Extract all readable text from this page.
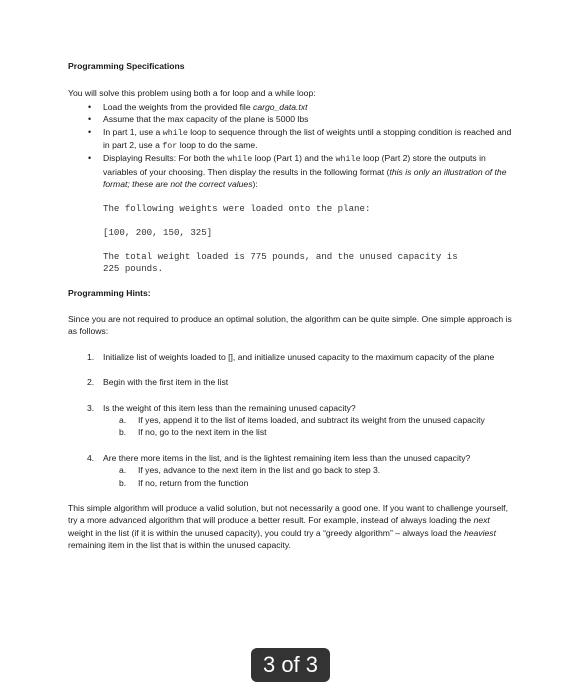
Programming Specifications

You will solve this problem using both a for loop and a while loop:

• Load the weights from the provided file cargo_data.txt
• Assume that the max capacity of the plane is 5000 lbs
• In part 1, use a while loop to sequence through the list of weights until a stopping condition is reached and in part 2, use a for loop to do the same.
• Displaying Results: For both the while loop (Part 1) and the while loop (Part 2) store the outputs in variables of your choosing. Then display the results in the following format (this is only an illustration of the format; these are not the correct values):
The following weights were loaded onto the plane:
[100, 200, 150, 325]
The total weight loaded is 775 pounds, and the unused capacity is
225 pounds.

Programming Hints:

Since you are not required to produce an optimal solution, the algorithm can be quite simple. One simple approach is as follows:

1. Initialize list of weights loaded to [], and initialize unused capacity to the maximum capacity of the plane
2. Begin with the first item in the list
3. Is the weight of this item less than the remaining unused capacity?
a. If yes, append it to the list of items loaded, and subtract its weight from the unused capacity
b. If no, go to the next item in the list
4. Are there more items in the list, and is the lightest remaining item less than the unused capacity?
a. If yes, advance to the next item in the list and go back to step 3.
b. If no, return from the function

This simple algorithm will produce a valid solution, but not necessarily a good one. If you want to challenge yourself, try a more advanced algorithm that will produce a better result. For example, instead of always loading the next weight in the list (if it is within the unused capacity), you could try a “greedy algorithm” – always load the heaviest remaining item in the list that is within the unused capacity.

3 of 3
